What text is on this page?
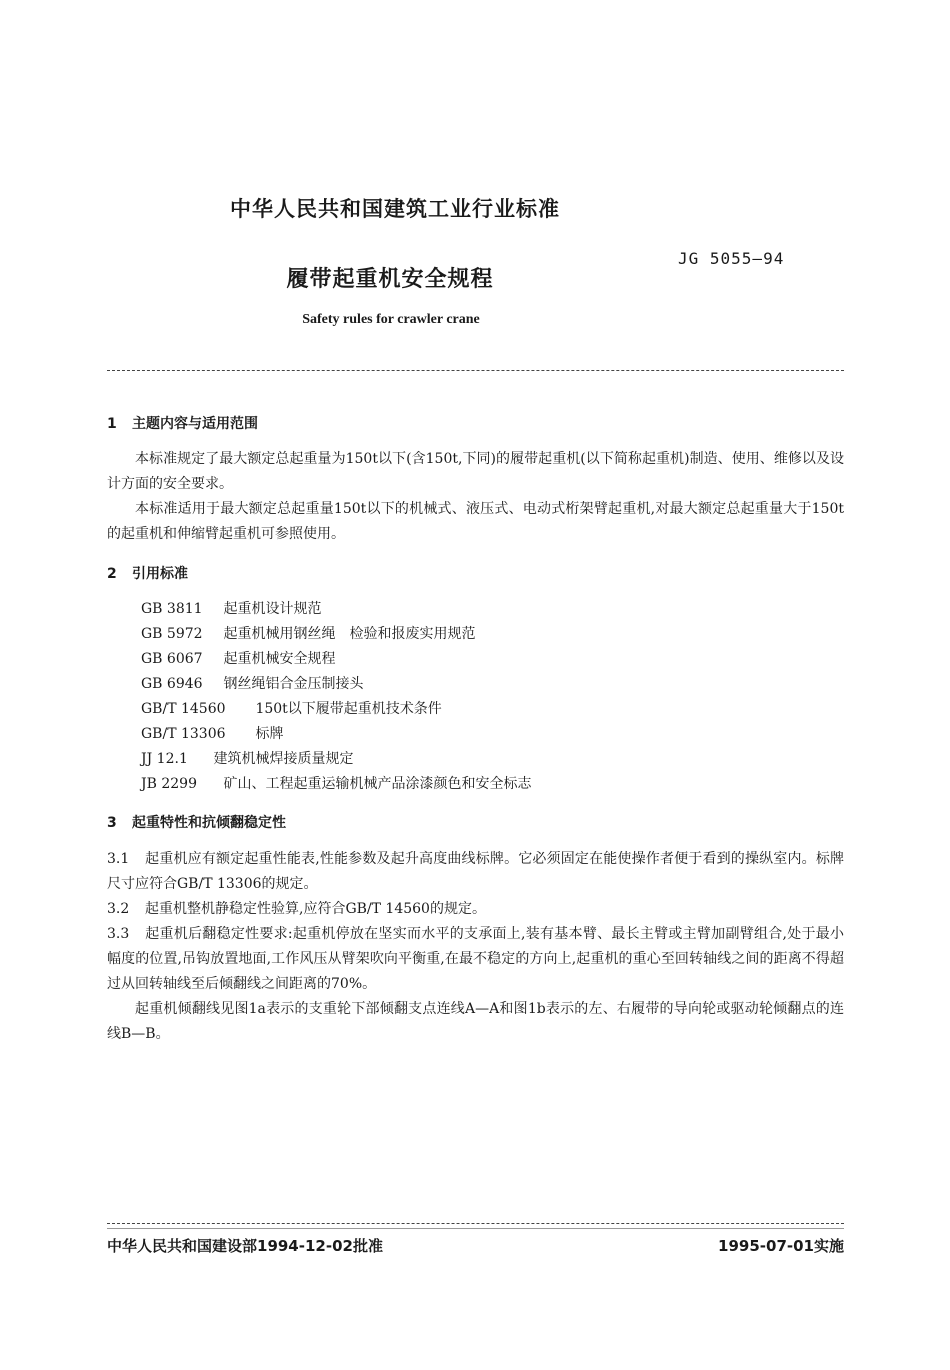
中华人民共和国建筑工业行业标准
JG 5055—94
履带起重机安全规程
Safety rules for crawler crane
1 主题内容与适用范围
本标准规定了最大额定总起重量为150t以下(含150t,下同)的履带起重机(以下简称起重机)制造、使用、维修以及设计方面的安全要求。
本标准适用于最大额定总起重量150t以下的机械式、液压式、电动式桁架臂起重机,对最大额定总起重量大于150t的起重机和伸缩臂起重机可参照使用。
2 引用标准
GB 3811 起重机设计规范
GB 5972 起重机械用钢丝绳　检验和报废实用规范
GB 6067 起重机械安全规程
GB 6946 钢丝绳铝合金压制接头
GB/T 14560 150t以下履带起重机技术条件
GB/T 13306 标牌
JJ 12.1 建筑机械焊接质量规定
JB 2299 矿山、工程起重运输机械产品涂漆颜色和安全标志
3 起重特性和抗倾翻稳定性
3.1 起重机应有额定起重性能表,性能参数及起升高度曲线标牌。它必须固定在能使操作者便于看到的操纵室内。标牌尺寸应符合GB/T 13306的规定。
3.2 起重机整机静稳定性验算,应符合GB/T 14560的规定。
3.3 起重机后翻稳定性要求:起重机停放在坚实而水平的支承面上,装有基本臂、最长主臂或主臂加副臂组合,处于最小幅度的位置,吊钩放置地面,工作风压从臂架吹向平衡重,在最不稳定的方向上,起重机的重心至回转轴线之间的距离不得超过从回转轴线至后倾翻线之间距离的70%。
起重机倾翻线见图1a表示的支重轮下部倾翻支点连线A—A和图1b表示的左、右履带的导向轮或驱动轮倾翻点的连线B—B。
中华人民共和国建设部1994-12-02批准	1995-07-01实施
